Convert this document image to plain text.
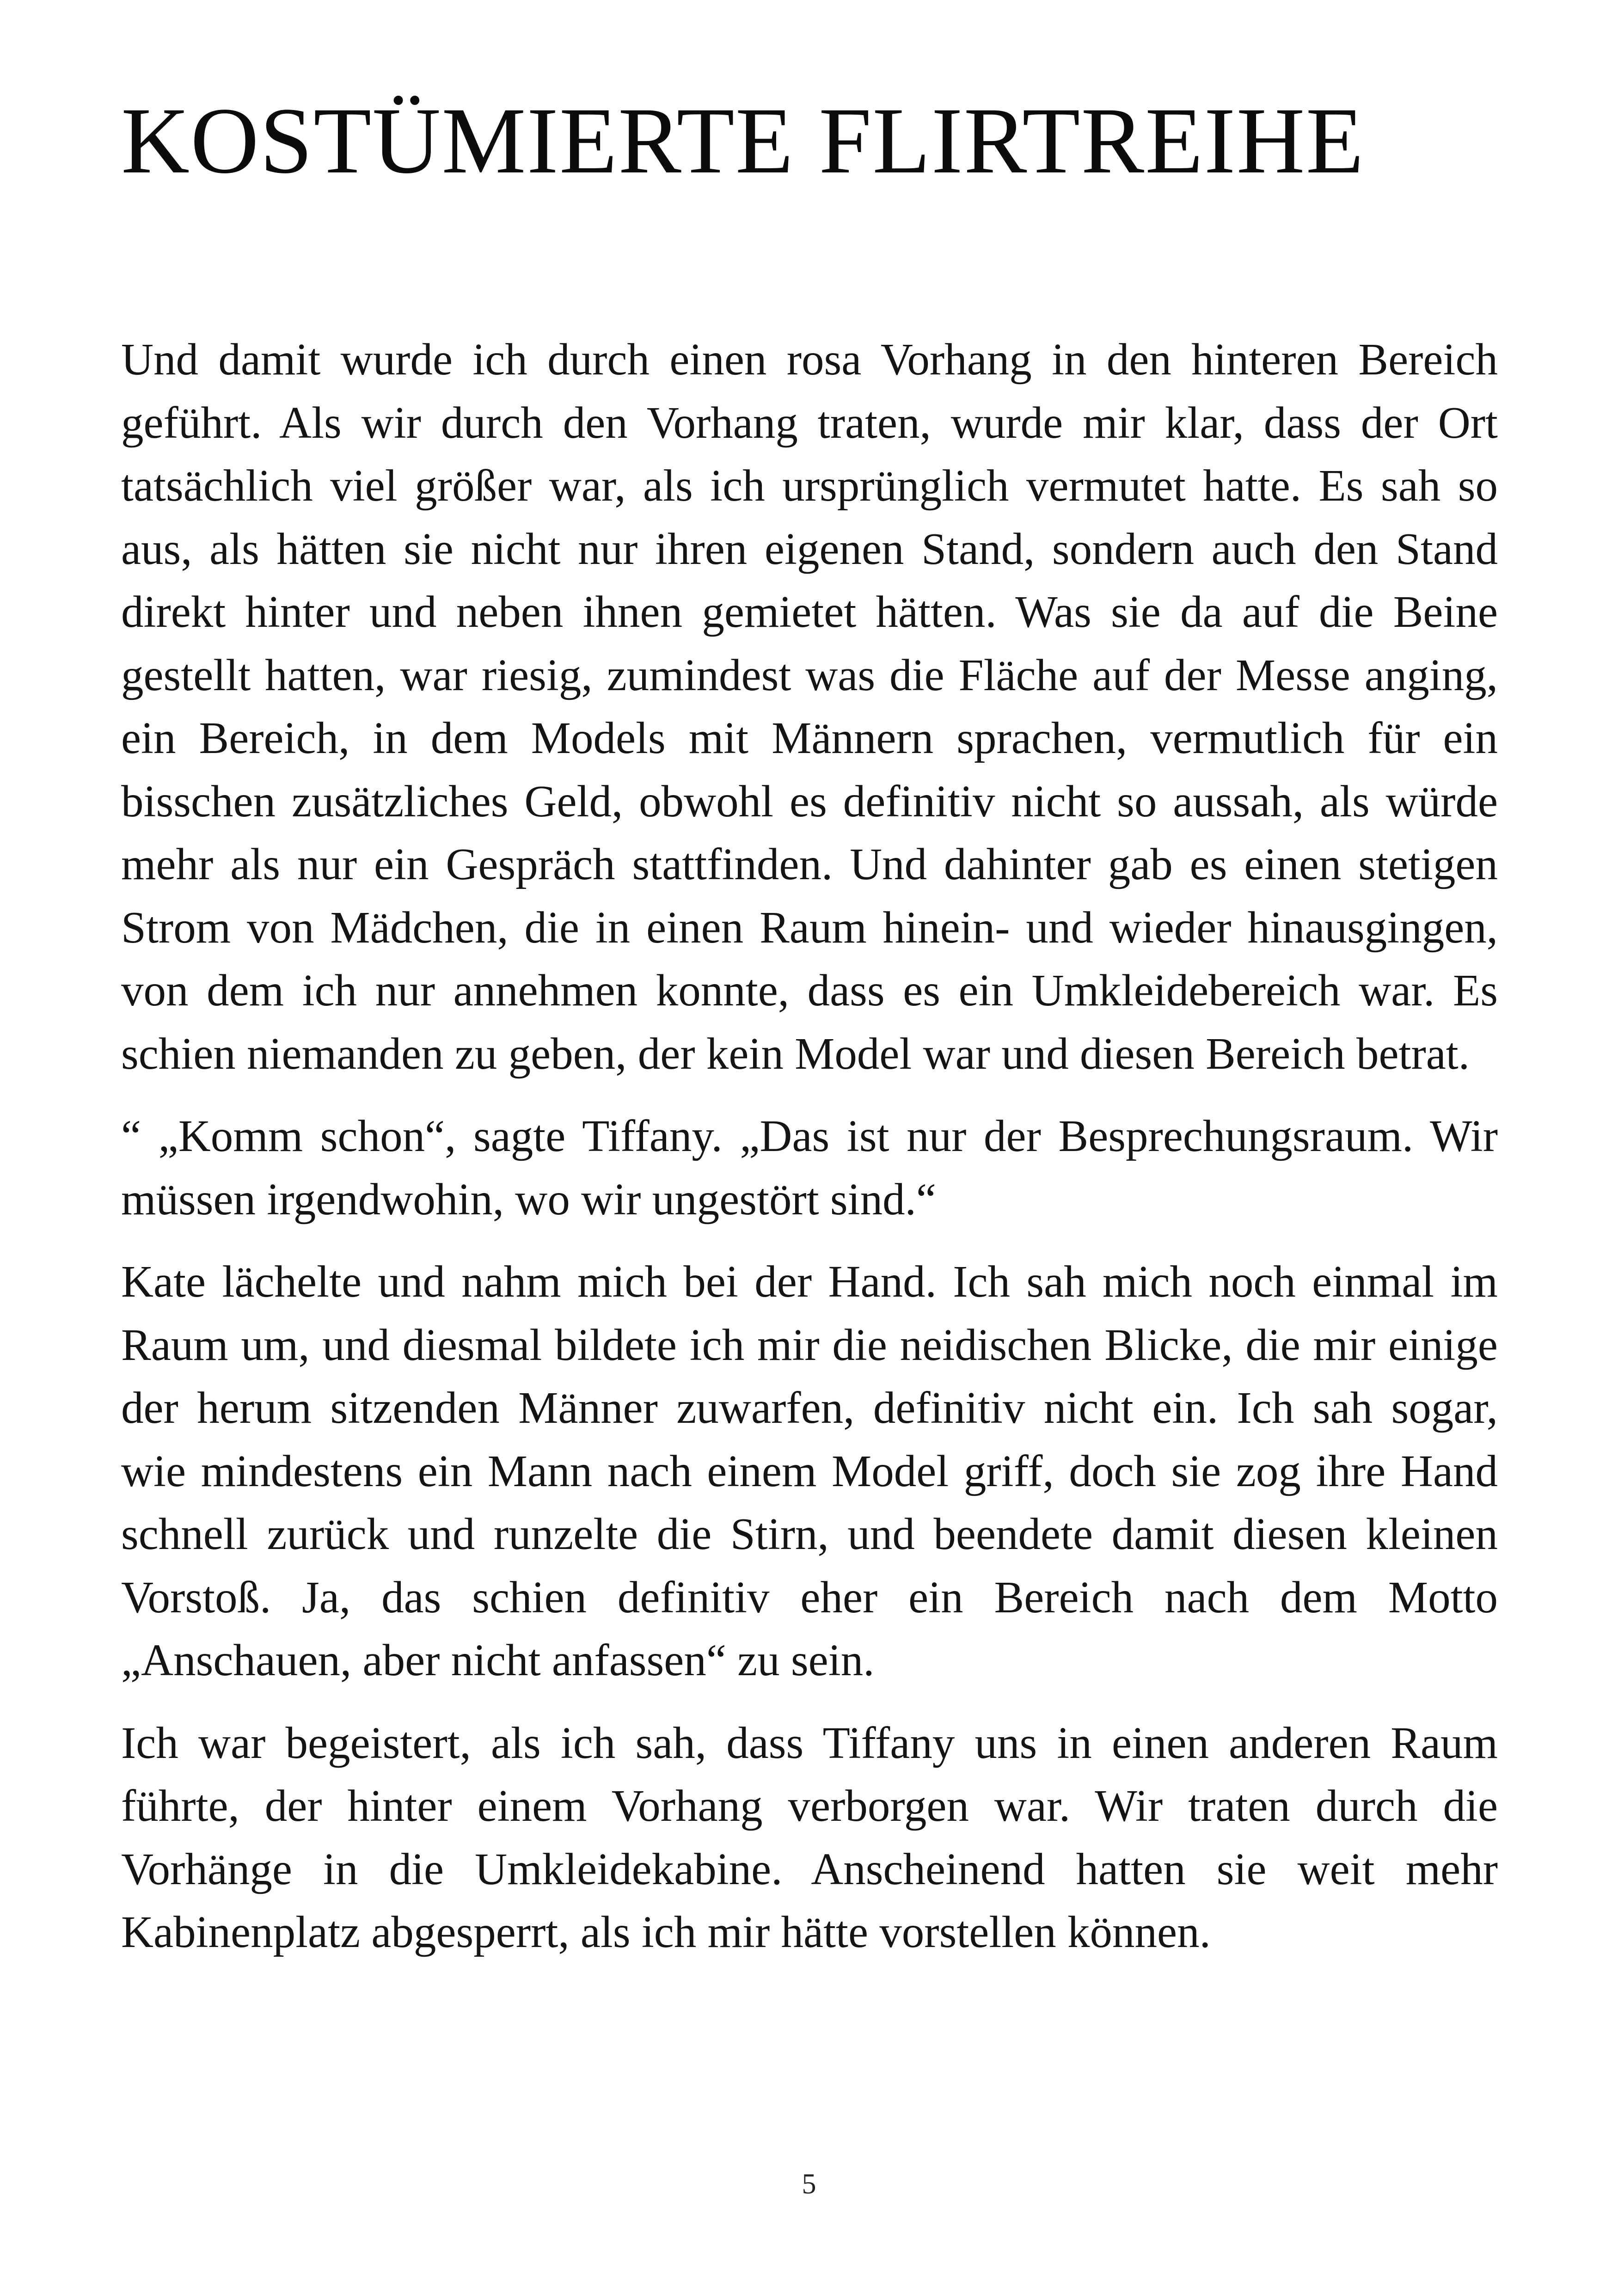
KOSTÜMIERTE FLIRTREIHE

Und damit wurde ich durch einen rosa Vorhang in den hinteren Bereich geführt. Als wir durch den Vorhang traten, wurde mir klar, dass der Ort tatsächlich viel größer war, als ich ursprünglich vermutet hatte. Es sah so aus, als hätten sie nicht nur ihren eigenen Stand, sondern auch den Stand direkt hinter und neben ihnen gemietet hätten. Was sie da auf die Beine gestellt hatten, war riesig, zumindest was die Fläche auf der Messe anging, ein Bereich, in dem Models mit Männern sprachen, vermutlich für ein bisschen zusätzliches Geld, obwohl es definitiv nicht so aussah, als würde mehr als nur ein Gespräch stattfinden. Und dahinter gab es einen stetigen Strom von Mädchen, die in einen Raum hinein- und wieder hinausgingen, von dem ich nur annehmen konnte, dass es ein Umkleidebereich war. Es schien niemanden zu geben, der kein Model war und diesen Bereich betrat.

“ „Komm schon“, sagte Tiffany. „Das ist nur der Besprechungsraum. Wir müssen irgendwohin, wo wir ungestört sind.“

Kate lächelte und nahm mich bei der Hand. Ich sah mich noch einmal im Raum um, und diesmal bildete ich mir die neidischen Blicke, die mir einige der herum sitzenden Männer zuwarfen, definitiv nicht ein. Ich sah sogar, wie mindestens ein Mann nach einem Model griff, doch sie zog ihre Hand schnell zurück und runzelte die Stirn, und beendete damit diesen kleinen Vorstoß. Ja, das schien definitiv eher ein Bereich nach dem Motto „Anschauen, aber nicht anfassen“ zu sein.

Ich war begeistert, als ich sah, dass Tiffany uns in einen anderen Raum führte, der hinter einem Vorhang verborgen war. Wir traten durch die Vorhänge in die Umkleidekabine. Anscheinend hatten sie weit mehr Kabinenplatz abgesperrt, als ich mir hätte vorstellen können.

5
